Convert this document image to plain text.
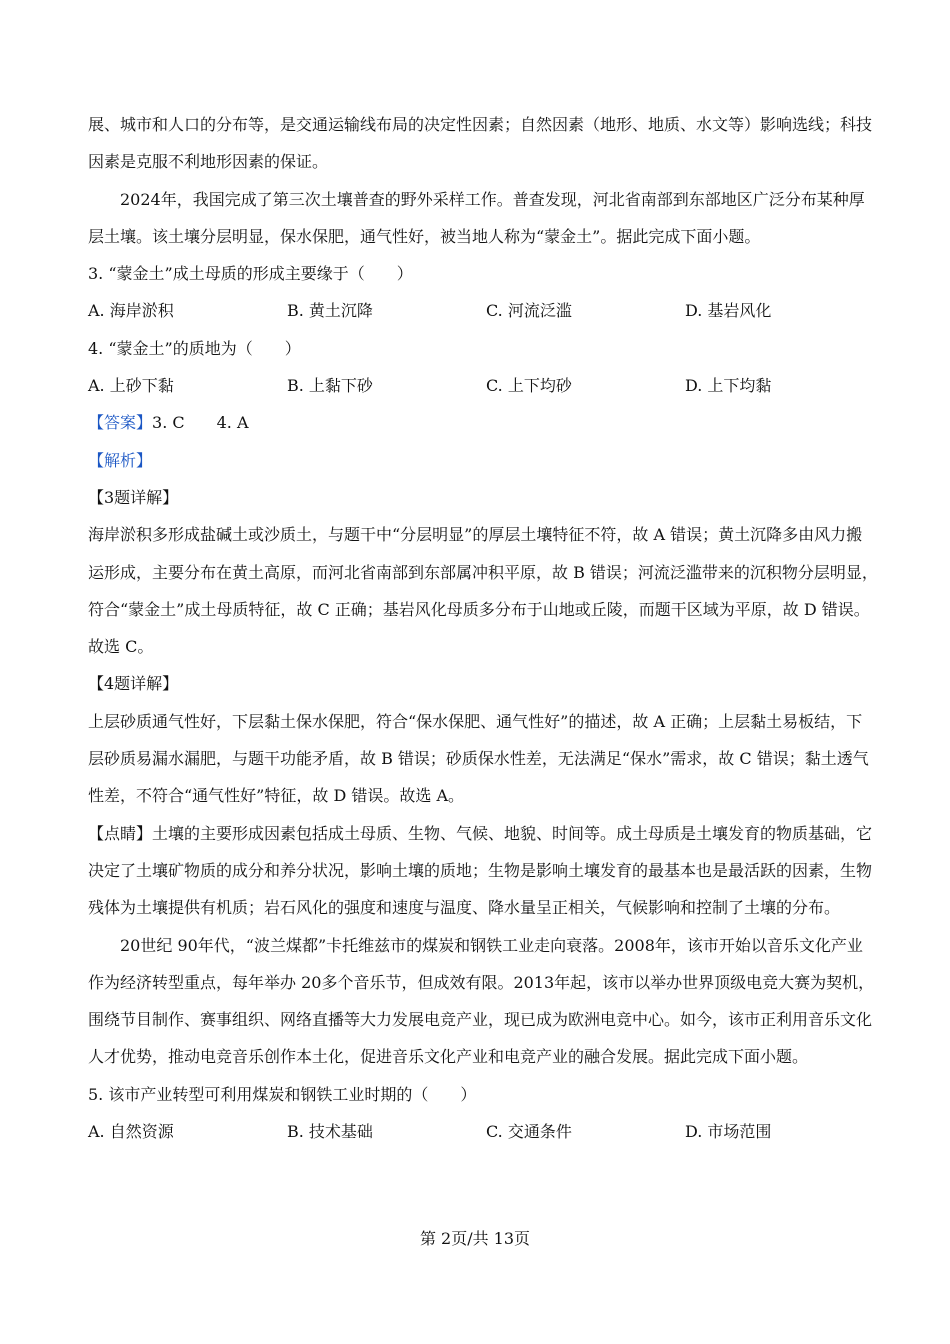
展、城市和人口的分布等，是交通运输线布局的决定性因素；自然因素（地形、地质、水文等）影响选线；科技因素是克服不利地形因素的保证。

2024年，我国完成了第三次土壤普查的野外采样工作。普查发现，河北省南部到东部地区广泛分布某种厚层土壤。该土壤分层明显，保水保肥，通气性好，被当地人称为“蒙金土”。据此完成下面小题。

3. “蒙金土”成土母质的形成主要缘于（　　）

A. 海岸淤积	B. 黄土沉降	C. 河流泛滥	D. 基岩风化

4. “蒙金土”的质地为（　　）

A. 上砂下黏	B. 上黏下砂	C. 上下均砂	D. 上下均黏

【答案】3. C　　4. A

【解析】

【3题详解】

海岸淤积多形成盐碱土或沙质土，与题干中“分层明显”的厚层土壤特征不符，故 A 错误；黄土沉降多由风力搬运形成，主要分布在黄土高原，而河北省南部到东部属冲积平原，故 B 错误；河流泛滥带来的沉积物分层明显，符合“蒙金土”成土母质特征，故 C 正确；基岩风化母质多分布于山地或丘陵，而题干区域为平原，故 D 错误。故选 C。

【4题详解】

上层砂质通气性好，下层黏土保水保肥，符合“保水保肥、通气性好”的描述，故 A 正确；上层黏土易板结，下层砂质易漏水漏肥，与题干功能矛盾，故 B 错误；砂质保水性差，无法满足“保水”需求，故 C 错误；黏土透气性差，不符合“通气性好”特征，故 D 错误。故选 A。

【点睛】土壤的主要形成因素包括成土母质、生物、气候、地貌、时间等。成土母质是土壤发育的物质基础，它决定了土壤矿物质的成分和养分状况，影响土壤的质地；生物是影响土壤发育的最基本也是最活跃的因素，生物残体为土壤提供有机质；岩石风化的强度和速度与温度、降水量呈正相关，气候影响和控制了土壤的分布。

20世纪 90年代，“波兰煤都”卡托维兹市的煤炭和钢铁工业走向衰落。2008年，该市开始以音乐文化产业作为经济转型重点，每年举办 20多个音乐节，但成效有限。2013年起，该市以举办世界顶级电竞大赛为契机，围绕节目制作、赛事组织、网络直播等大力发展电竞产业，现已成为欧洲电竞中心。如今，该市正利用音乐文化人才优势，推动电竞音乐创作本土化，促进音乐文化产业和电竞产业的融合发展。据此完成下面小题。

5. 该市产业转型可利用煤炭和钢铁工业时期的（　　）

A. 自然资源	B. 技术基础	C. 交通条件	D. 市场范围
第 2页/共 13页
